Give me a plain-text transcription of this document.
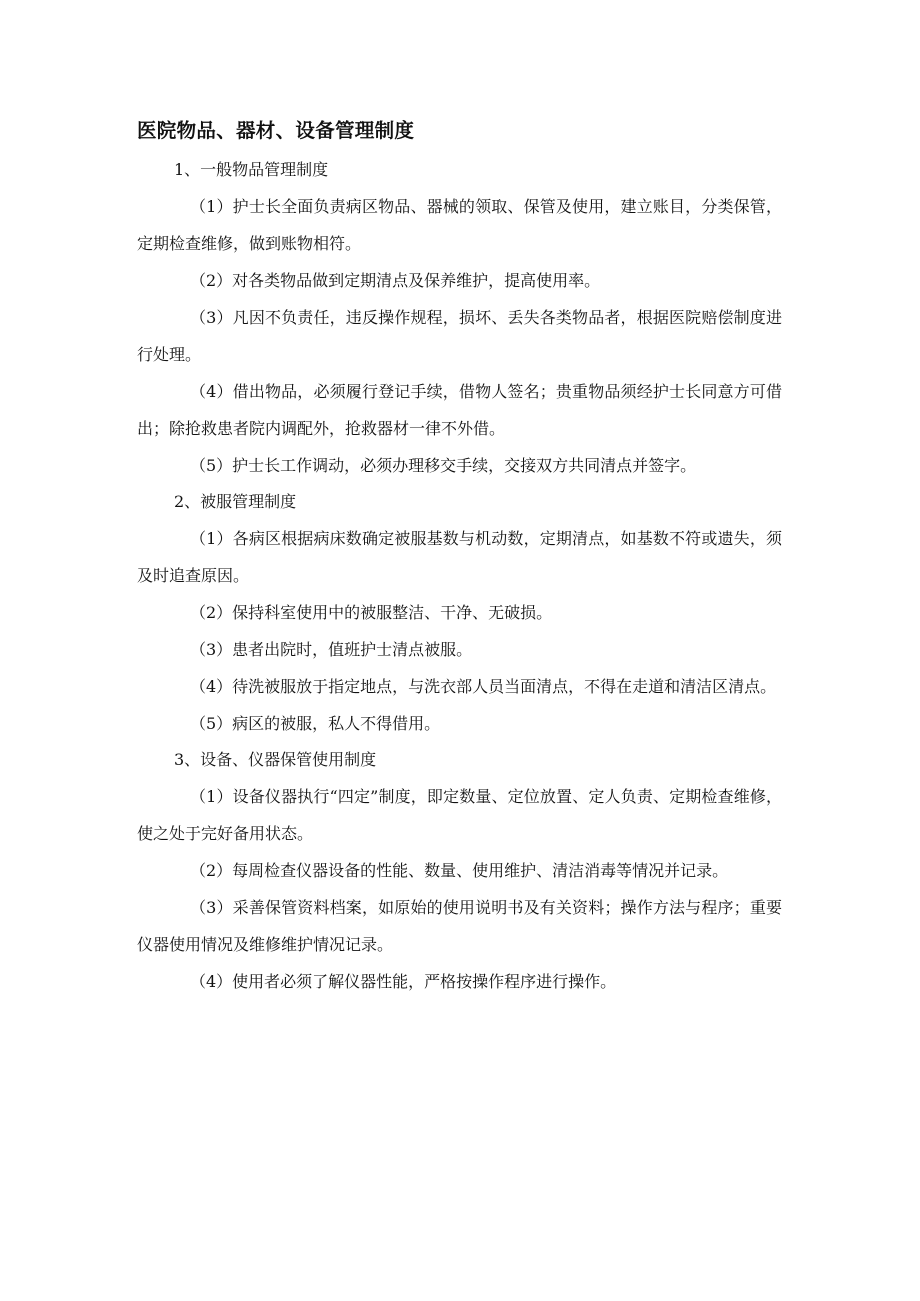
医院物品、器材、设备管理制度

1、一般物品管理制度

（1）护士长全面负责病区物品、器械的领取、保管及使用，建立账目，分类保管，定期检查维修，做到账物相符。

（2）对各类物品做到定期清点及保养维护，提高使用率。

（3）凡因不负责任，违反操作规程，损坏、丢失各类物品者，根据医院赔偿制度进行处理。

（4）借出物品，必须履行登记手续，借物人签名；贵重物品须经护士长同意方可借出；除抢救患者院内调配外，抢救器材一律不外借。

（5）护士长工作调动，必须办理移交手续，交接双方共同清点并签字。

2、被服管理制度

（1）各病区根据病床数确定被服基数与机动数，定期清点，如基数不符或遗失，须及时追查原因。

（2）保持科室使用中的被服整洁、干净、无破损。

（3）患者出院时，值班护士清点被服。

（4）待洗被服放于指定地点，与洗衣部人员当面清点，不得在走道和清洁区清点。

（5）病区的被服，私人不得借用。

3、设备、仪器保管使用制度

（1）设备仪器执行“四定”制度，即定数量、定位放置、定人负责、定期检查维修，使之处于完好备用状态。

（2）每周检查仪器设备的性能、数量、使用维护、清洁消毒等情况并记录。

（3）采善保管资料档案，如原始的使用说明书及有关资料；操作方法与程序；重要仪器使用情况及维修维护情况记录。

（4）使用者必须了解仪器性能，严格按操作程序进行操作。
